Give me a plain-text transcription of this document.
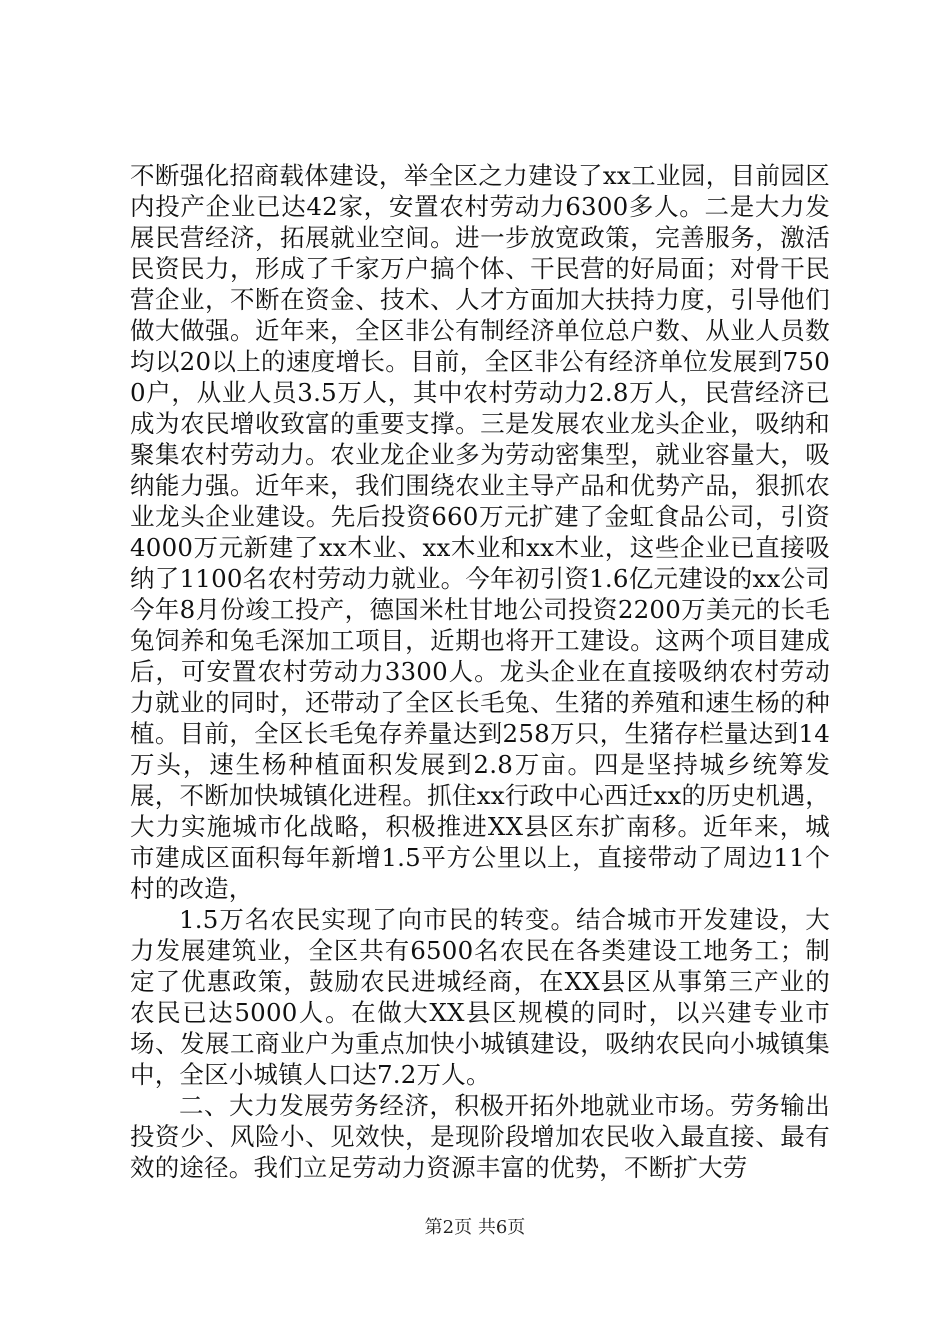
不断强化招商载体建设，举全区之力建设了xx工业园，目前园区内投产企业已达42家，安置农村劳动力6300多人。二是大力发展民营经济，拓展就业空间。进一步放宽政策，完善服务，激活民资民力，形成了千家万户搞个体、干民营的好局面；对骨干民营企业，不断在资金、技术、人才方面加大扶持力度，引导他们做大做强。近年来，全区非公有制经济单位总户数、从业人员数均以20以上的速度增长。目前，全区非公有经济单位发展到7500户，从业人员3.5万人，其中农村劳动力2.8万人，民营经济已成为农民增收致富的重要支撑。三是发展农业龙头企业，吸纳和聚集农村劳动力。农业龙企业多为劳动密集型，就业容量大，吸纳能力强。近年来，我们围绕农业主导产品和优势产品，狠抓农业龙头企业建设。先后投资660万元扩建了金虹食品公司，引资4000万元新建了xx木业、xx木业和xx木业，这些企业已直接吸纳了1100名农村劳动力就业。今年初引资1.6亿元建设的xx公司今年8月份竣工投产，德国米杜甘地公司投资2200万美元的长毛兔饲养和兔毛深加工项目，近期也将开工建设。这两个项目建成后，可安置农村劳动力3300人。龙头企业在直接吸纳农村劳动力就业的同时，还带动了全区长毛兔、生猪的养殖和速生杨的种植。目前，全区长毛兔存养量达到258万只，生猪存栏量达到14万头，速生杨种植面积发展到2.8万亩。四是坚持城乡统筹发展，不断加快城镇化进程。抓住xx行政中心西迁xx的历史机遇，大力实施城市化战略，积极推进XX县区东扩南移。近年来，城市建成区面积每年新增1.5平方公里以上，直接带动了周边11个村的改造，

1.5万名农民实现了向市民的转变。结合城市开发建设，大力发展建筑业，全区共有6500名农民在各类建设工地务工；制定了优惠政策，鼓励农民进城经商，在XX县区从事第三产业的农民已达5000人。在做大XX县区规模的同时，以兴建专业市场、发展工商业户为重点加快小城镇建设，吸纳农民向小城镇集中，全区小城镇人口达7.2万人。

二、大力发展劳务经济，积极开拓外地就业市场。劳务输出投资少、风险小、见效快，是现阶段增加农民收入最直接、最有效的途径。我们立足劳动力资源丰富的优势，不断扩大劳

第2页 共6页
